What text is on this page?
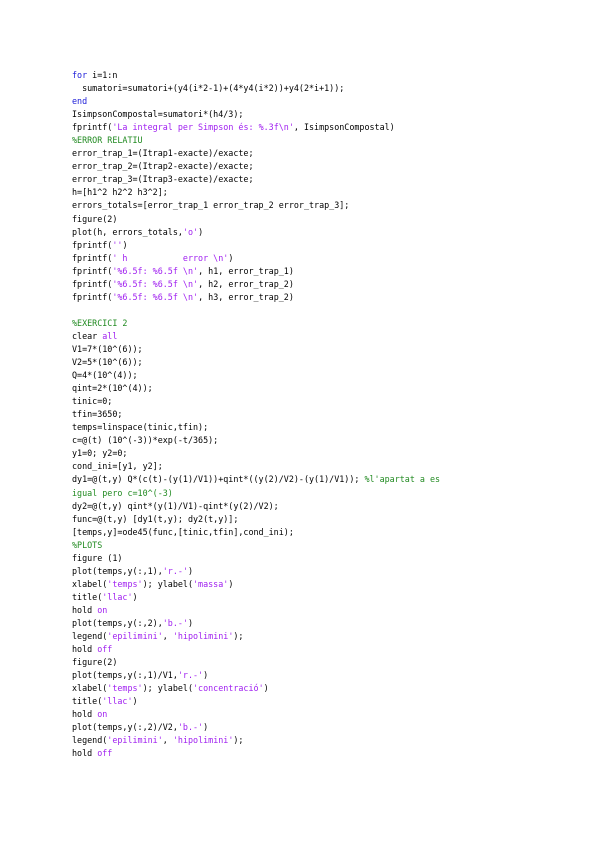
for i=1:n
sumatori=sumatori+(y4(i*2-1)+(4*y4(i*2))+y4(2*i+1));
end
IsimpsonCompostal=sumatori*(h4/3);
fprintf('La integral per Simpson és: %.3f\n', IsimpsonCompostal)
%ERROR RELATIU
error_trap_1=(Itrap1-exacte)/exacte;
error_trap_2=(Itrap2-exacte)/exacte;
error_trap_3=(Itrap3-exacte)/exacte;
h=[h1^2 h2^2 h3^2];
errors_totals=[error_trap_1 error_trap_2 error_trap_3];
figure(2)
plot(h, errors_totals,'o')
fprintf('')
fprintf(' h           error \n')
fprintf('%6.5f: %6.5f \n', h1, error_trap_1)
fprintf('%6.5f: %6.5f \n', h2, error_trap_2)
fprintf('%6.5f: %6.5f \n', h3, error_trap_2)
%EXERCICI 2
clear all
V1=7*(10^(6));
V2=5*(10^(6));
Q=4*(10^(4));
qint=2*(10^(4));
tinic=0;
tfin=3650;
temps=linspace(tinic,tfin);
c=@(t) (10^(-3))*exp(-t/365);
y1=0; y2=0;
cond_ini=[y1, y2];
dy1=@(t,y) Q*(c(t)-(y(1)/V1))+qint*((y(2)/V2)-(y(1)/V1)); %l'apartat a es
igual pero c=10^(-3)
dy2=@(t,y) qint*(y(1)/V1)-qint*(y(2)/V2);
func=@(t,y) [dy1(t,y); dy2(t,y)];
[temps,y]=ode45(func,[tinic,tfin],cond_ini);
%PLOTS
figure (1)
plot(temps,y(:,1),'r.-')
xlabel('temps'); ylabel('massa')
title('llac')
hold on
plot(temps,y(:,2),'b.-')
legend('epilimini', 'hipolimini');
hold off
figure(2)
plot(temps,y(:,1)/V1,'r.-')
xlabel('temps'); ylabel('concentració')
title('llac')
hold on
plot(temps,y(:,2)/V2,'b.-')
legend('epilimini', 'hipolimini');
hold off
